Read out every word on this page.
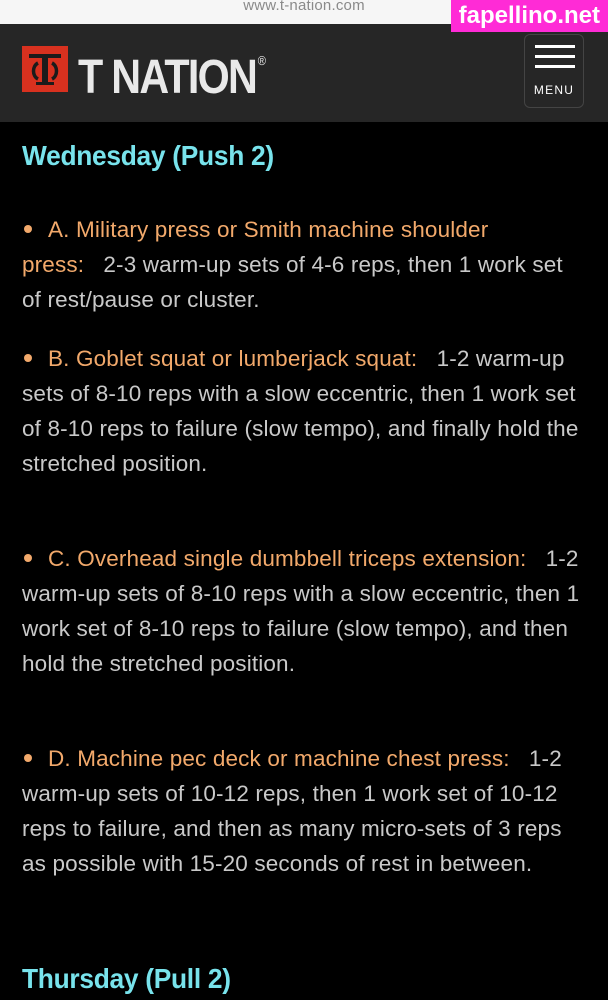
www.t-nation.com	fapellino.net
T NATION ®
MENU
Wednesday (Push 2)
A. Military press or Smith machine shoulder press: 2-3 warm-up sets of 4-6 reps, then 1 work set of rest/pause or cluster.
B. Goblet squat or lumberjack squat: 1-2 warm-up sets of 8-10 reps with a slow eccentric, then 1 work set of 8-10 reps to failure (slow tempo), and finally hold the stretched position.
C. Overhead single dumbbell triceps extension: 1-2 warm-up sets of 8-10 reps with a slow eccentric, then 1 work set of 8-10 reps to failure (slow tempo), and then hold the stretched position.
D. Machine pec deck or machine chest press: 1-2 warm-up sets of 10-12 reps, then 1 work set of 10-12 reps to failure, and then as many micro-sets of 3 reps as possible with 15-20 seconds of rest in between.
Thursday (Pull 2)
